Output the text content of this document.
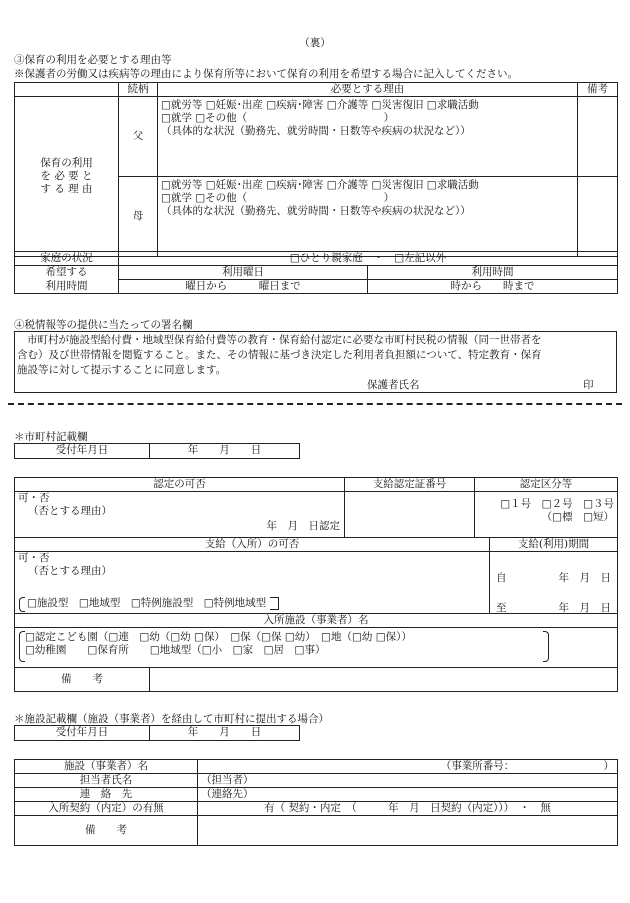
（裏）
③保育の利用を必要とする理由等
※保護者の労働又は疾病等の理由により保育所等において保育の利用を希望する場合に記入してください。
	続柄	必要とする理由	備考

保育の利用
を 必 要 と
す る 理 由	父	□就労等 □妊娠･出産 □疾病･障害 □介護等 □災害復旧 □求職活動
□就学 □その他（　　　　　　　　　　　　　）
（具体的な状況（勤務先、就労時間・日数等や疾病の状況など））	

	母	□就労等 □妊娠･出産 □疾病･障害 □介護等 □災害復旧 □求職活動
□就学 □その他（　　　　　　　　　　　　　）
（具体的な状況（勤務先、就労時間・日数等や疾病の状況など））	

家庭の状況	□ひとり親家庭　・　□左記以外	
希望する	利用曜日	利用時間
利用時間	曜日から　　　曜日まで	時から　　時まで
④税情報等の提供に当たっての署名欄
市町村が施設型給付費・地域型保育給付費等の教育・保育給付認定に必要な市町村民税の情報（同一世帯者を
含む）及び世帯情報を閲覧すること。また、その情報に基づき決定した利用者負担額について、特定教育・保育
施設等に対して提示することに同意します。
保護者氏名	印
＊市町村記載欄
受付年月日	年　　月　　日
認定の可否	支給認定証番号	認定区分等

可・否
（否とする理由）
年　月　日認定		□１号　□２号　□３号
（□標　□短）
支給（入所）の可否	支給(利用)期間

可・否
（否とする理由）
□施設型　□地域型　□特例施設型　□特例地域型	自 年　月　日
至 年　月　日

入所施設（事業者）名	

□認定こども園（□連　□幼（□幼 □保）　□保（□保 □幼）　□地（□幼 □保））
□幼稚園　　□保育所　　□地域型（□小　□家　□居　□事）	

備　　考	
＊施設記載欄（施設（事業者）を経由して市町村に提出する場合）
受付年月日	年　　月　　日
施設（事業者）名	（事業所番号：　　　　　　　　　）
担当者氏名	（担当者）
連　絡　先	（連絡先）
入所契約（内定）の有無	有（ 契約・内定　（　　　年　月　日契約（内定）））　・　無
備　　考	
